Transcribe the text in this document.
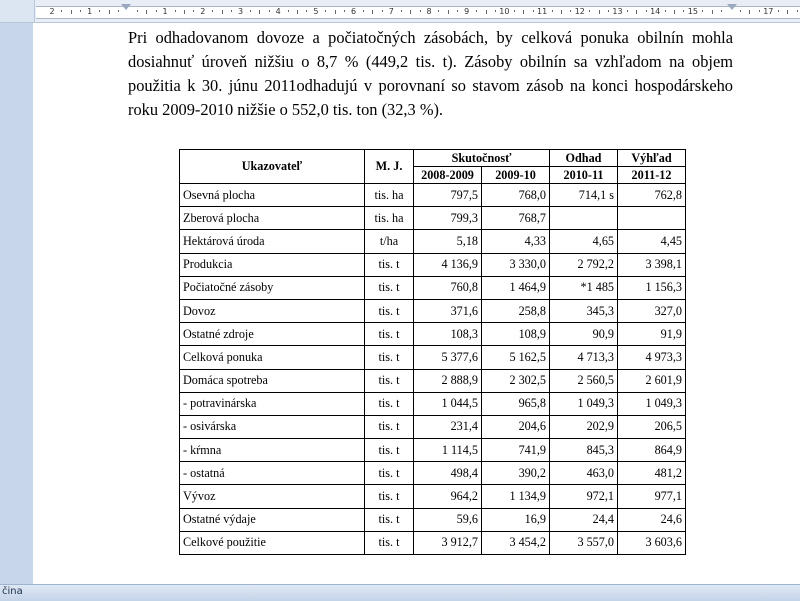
2	1	1	2	3	4	5	6	7	8	9	10	11	12	13	14	15	17

Pri odhadovanom dovoze a počiatočných zásobách, by celková ponuka obilnín mohla dosiahnuť úroveň nižšiu o 8,7 % (449,2 tis. t). Zásoby obilnín sa vzhľadom na objem použitia k 30. júnu 2011odhadujú v porovnaní so stavom zásob na konci hospodárskeho roku 2009-2010 nižšie o 552,0 tis. ton (32,3 %).

Ukazovateľ	M. J.	Skutočnosť		Odhad	Výhľad
		2008-2009	2009-10	2010-11	2011-12
Osevná plocha	tis. ha	797,5	768,0	714,1 s	762,8
Zberová plocha	tis. ha	799,3	768,7		
Hektárová úroda	t/ha	5,18	4,33	4,65	4,45
Produkcia	tis. t	4 136,9	3 330,0	2 792,2	3 398,1
Počiatočné zásoby	tis. t	760,8	1 464,9	*1 485	1 156,3
Dovoz	tis. t	371,6	258,8	345,3	327,0
Ostatné zdroje	tis. t	108,3	108,9	90,9	91,9
Celková ponuka	tis. t	5 377,6	5 162,5	4 713,3	4 973,3
Domáca spotreba	tis. t	2 888,9	2 302,5	2 560,5	2 601,9
- potravinárska	tis. t	1 044,5	965,8	1 049,3	1 049,3
- osivárska	tis. t	231,4	204,6	202,9	206,5
- kŕmna	tis. t	1 114,5	741,9	845,3	864,9
- ostatná	tis. t	498,4	390,2	463,0	481,2
Vývoz	tis. t	964,2	1 134,9	972,1	977,1
Ostatné výdaje	tis. t	59,6	16,9	24,4	24,6
Celkové použitie	tis. t	3 912,7	3 454,2	3 557,0	3 603,6
čina
